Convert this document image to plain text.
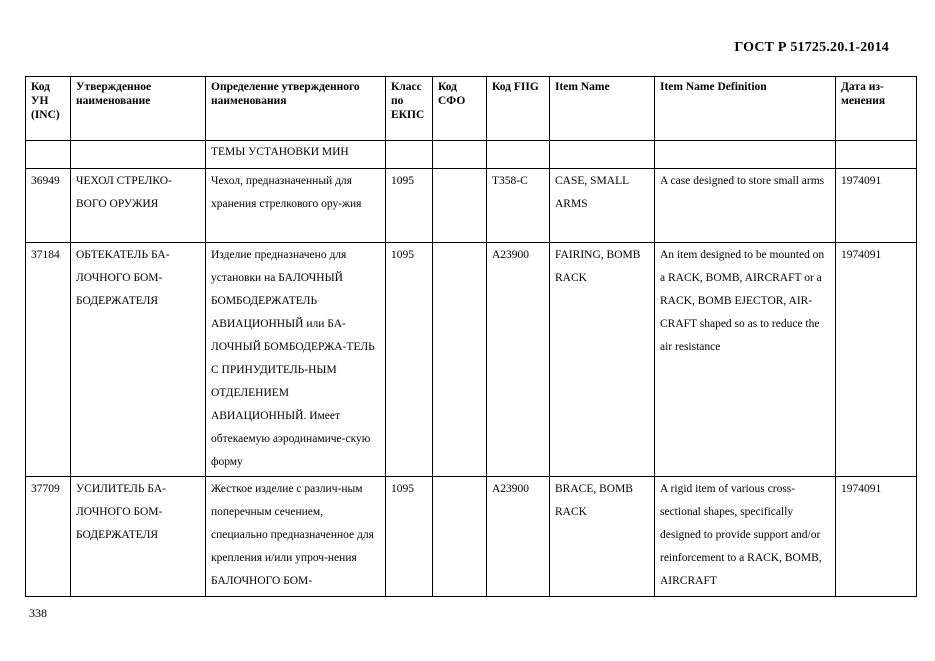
ГОСТ Р 51725.20.1-2014
Код УН (INC)	Утвержденное наименование	Определение утвержденного наименования	Класс по ЕКПС	Код СФО	Код FIIG	Item Name	Item Name Definition	Дата из-менения
		ТЕМЫ УСТАНОВКИ МИН						
36949	ЧЕХОЛ СТРЕЛКО-ВОГО ОРУЖИЯ	Чехол, предназначенный для хранения стрелкового ору-жия	1095		Т358-С	CASE, SMALL ARMS	A case designed to store small arms	1974091
37184	ОБТЕКАТЕЛЬ БА-ЛОЧНОГО БОМ-БОДЕРЖАТЕЛЯ	Изделие предназначено для установки на БАЛОЧНЫЙ БОМБОДЕРЖАТЕЛЬ АВИАЦИОННЫЙ или БА-ЛОЧНЫЙ БОМБОДЕРЖА-ТЕЛЬ С ПРИНУДИТЕЛЬ-НЫМ ОТДЕЛЕНИЕМ АВИАЦИОННЫЙ. Имеет обтекаемую аэродинамиче-скую форму	1095		А23900	FAIRING, BOMB RACK	An item designed to be mounted on a RACK, BOMB, AIRCRAFT or a RACK, BOMB EJECTOR, AIR-CRAFT shaped so as to reduce the air resistance	1974091
37709	УСИЛИТЕЛЬ БА-ЛОЧНОГО БОМ-БОДЕРЖАТЕЛЯ	Жесткое изделие с различ-ным поперечным сечением, специально предназначенное для крепления и/или упроч-нения БАЛОЧНОГО БОМ-	1095		А23900	BRACE, BOMB RACK	A rigid item of various cross-sectional shapes, specifically designed to provide support and/or reinforcement to a RACK, BOMB, AIRCRAFT	1974091
338
